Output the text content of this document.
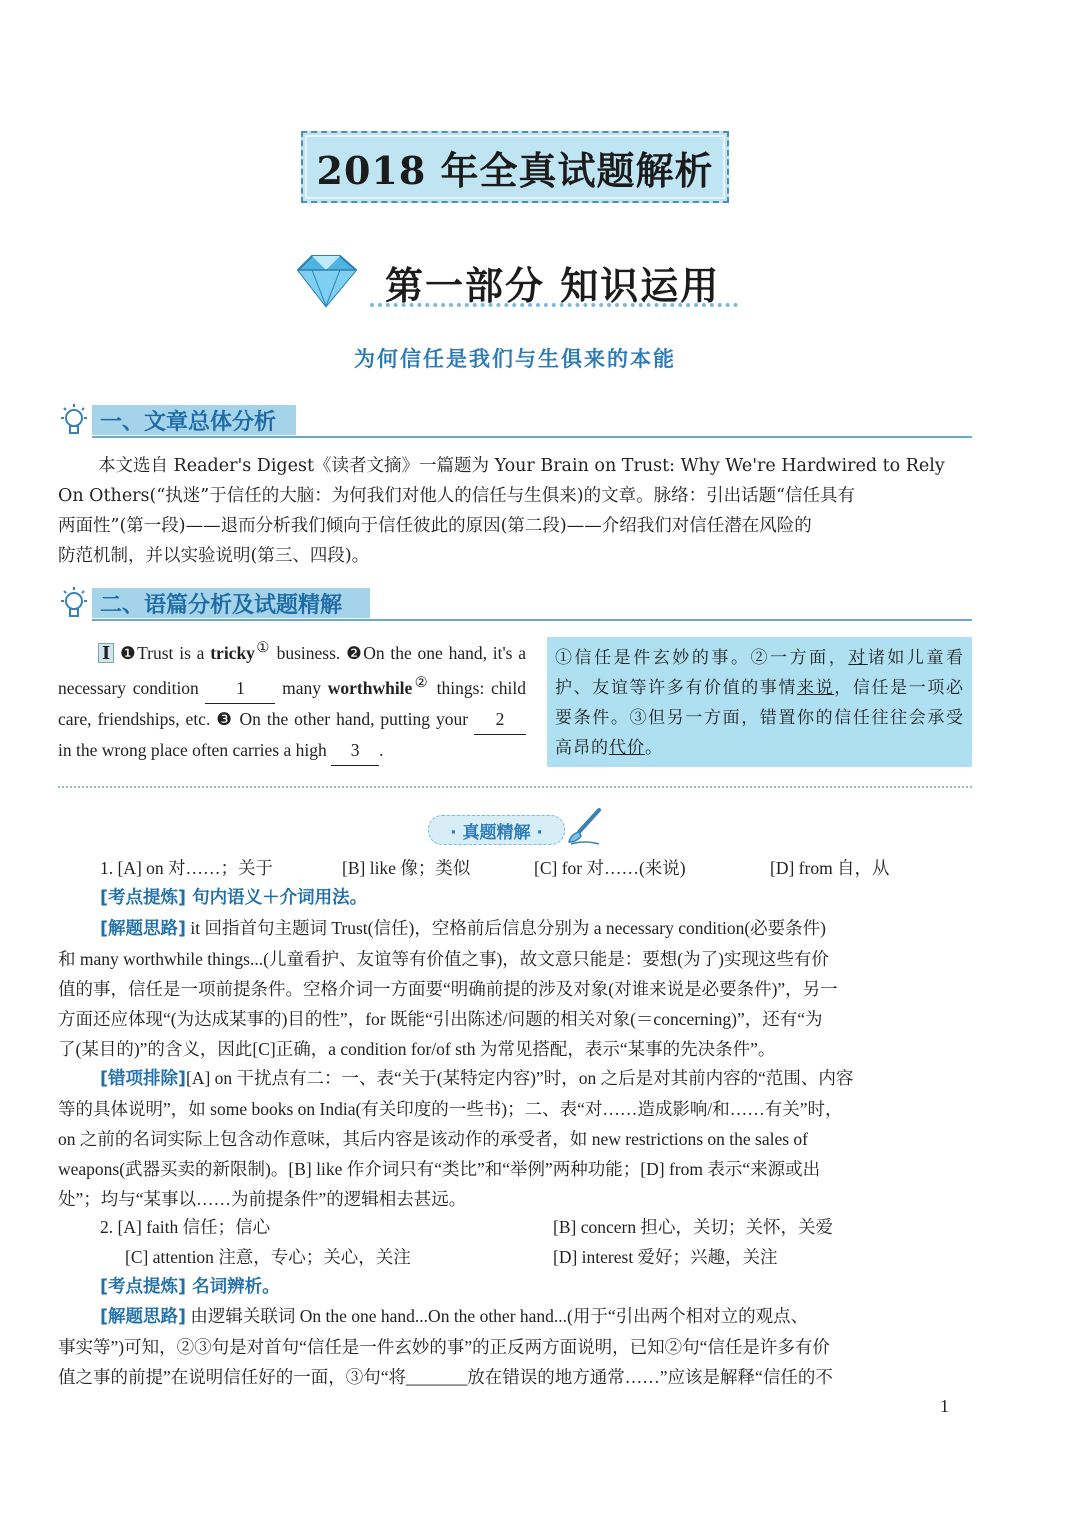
2018 年全真试题解析
第一部分 知识运用
为何信任是我们与生俱来的本能
一、文章总体分析

本文选自 Reader's Digest《读者文摘》一篇题为 Your Brain on Trust: Why We're Hardwired to Rely

On Others(“执迷”于信任的大脑：为何我们对他人的信任与生俱来)的文章。脉络：引出话题“信任具有

两面性”(第一段)——退而分析我们倾向于信任彼此的原因(第二段)——介绍我们对信任潜在风险的

防范机制，并以实验说明(第三、四段)。

二、语篇分析及试题精解
Ⅰ ❶Trust is a tricky① business. ❷On the one hand, it's a necessary condition 1 many worthwhile② things: child care, friendships, etc. ❸ On the other hand, putting your 2 in the wrong place often carries a high 3 .
①信任是件玄妙的事。②一方面，对诸如儿童看护、友谊等许多有价值的事情来说，信任是一项必要条件。③但另一方面，错置你的信任往往会承受高昂的代价。
· 真题精解 ·
1. [A] on 对……；关于	[B] like 像；类似	[C] for 对……(来说)	[D] from 自，从
[考点提炼] 句内语义＋介词用法。

[解题思路] it 回指首句主题词 Trust(信任)，空格前后信息分别为 a necessary condition(必要条件)

和 many worthwhile things...(儿童看护、友谊等有价值之事)，故文意只能是：要想(为了)实现这些有价

值的事，信任是一项前提条件。空格介词一方面要“明确前提的涉及对象(对谁来说是必要条件)”，另一

方面还应体现“(为达成某事的)目的性”，for 既能“引出陈述/问题的相关对象(＝concerning)”，还有“为

了(某目的)”的含义，因此[C]正确，a condition for/of sth 为常见搭配，表示“某事的先决条件”。

[错项排除][A] on 干扰点有二：一、表“关于(某特定内容)”时，on 之后是对其前内容的“范围、内容

等的具体说明”，如 some books on India(有关印度的一些书)；二、表“对……造成影响/和……有关”时，

on 之前的名词实际上包含动作意味，其后内容是该动作的承受者，如 new restrictions on the sales of

weapons(武器买卖的新限制)。[B] like 作介词只有“类比”和“举例”两种功能；[D] from 表示“来源或出

处”；均与“某事以……为前提条件”的逻辑相去甚远。

2. [A] faith 信任；信心	[B] concern 担心，关切；关怀，关爱
[C] attention 注意，专心；关心，关注	[D] interest 爱好；兴趣，关注
[考点提炼] 名词辨析。

[解题思路] 由逻辑关联词 On the one hand...On the other hand...(用于“引出两个相对立的观点、

事实等”)可知，②③句是对首句“信任是一件玄妙的事”的正反两方面说明，已知②句“信任是许多有价

值之事的前提”在说明信任好的一面，③句“将_______放在错误的地方通常……”应该是解释“信任的不

1
